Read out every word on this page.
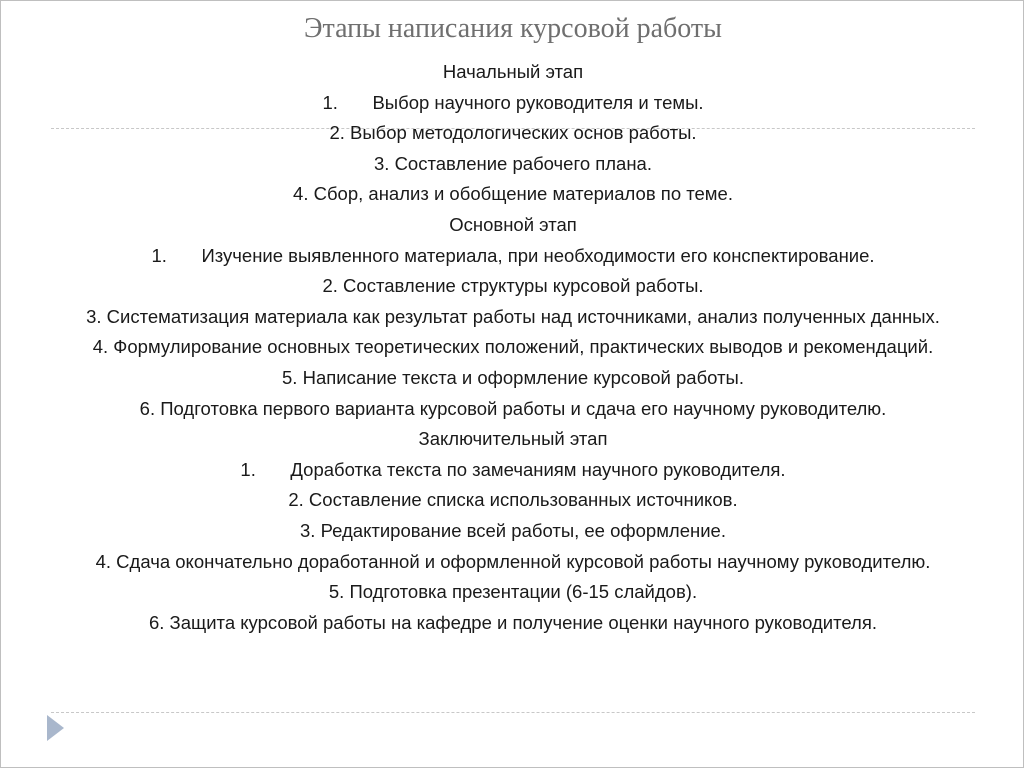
Этапы написания курсовой работы
Начальный этап
1. Выбор научного руководителя и темы.
2. Выбор методологических основ работы.
3. Составление рабочего плана.
4. Сбор, анализ и обобщение материалов по теме.
Основной этап
1. Изучение выявленного материала, при необходимости его конспектирование.
2. Составление структуры курсовой работы.
3. Систематизация материала как результат работы над источниками, анализ полученных данных.
4. Формулирование основных теоретических положений, практических выводов и рекомендаций.
5. Написание текста и оформление курсовой работы.
6. Подготовка первого варианта курсовой работы и сдача его научному руководителю.
Заключительный этап
1. Доработка текста по замечаниям научного руководителя.
2. Составление списка использованных источников.
3. Редактирование всей работы, ее оформление.
4. Сдача окончательно доработанной и оформленной курсовой работы научному руководителю.
5. Подготовка презентации (6-15 слайдов).
6. Защита курсовой работы на кафедре и получение оценки научного руководителя.
